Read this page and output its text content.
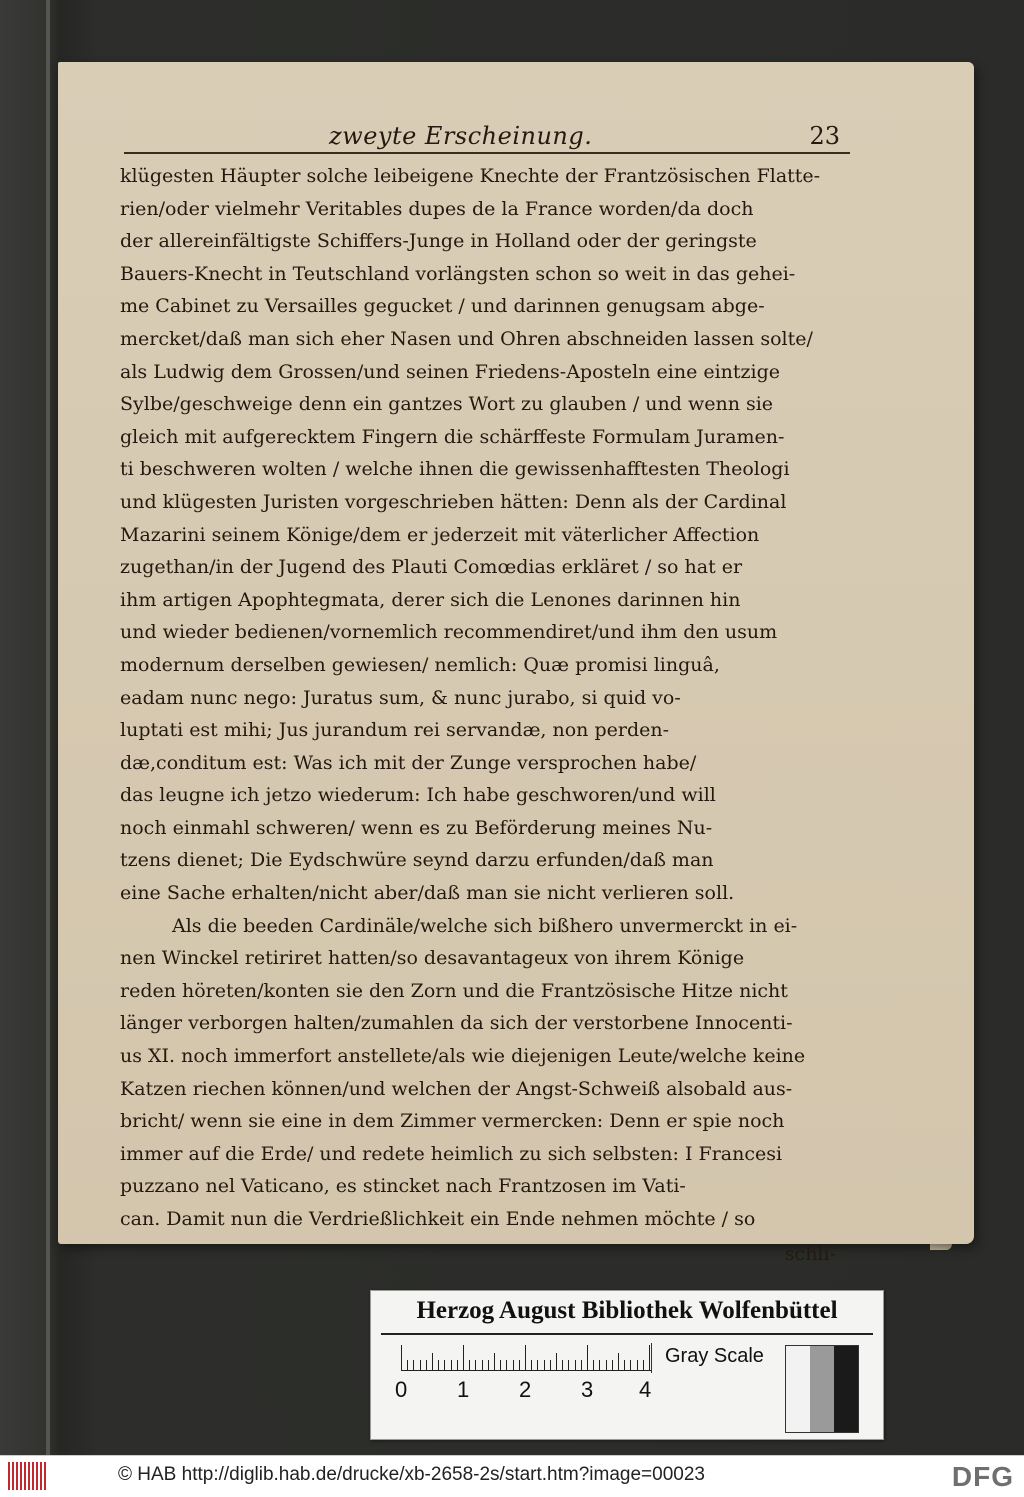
zweyte Erscheinung.	23
klügesten Häupter solche leibeigene Knechte der Frantzösischen Flatte-
rien/oder vielmehr Veritables dupes de la France worden/da doch
der allereinfältigste Schiffers-Junge in Holland oder der geringste
Bauers-Knecht in Teutschland vorlängsten schon so weit in das gehei-
me Cabinet zu Versailles gegucket / und darinnen genugsam abge-
mercket/daß man sich eher Nasen und Ohren abschneiden lassen solte/
als Ludwig dem Grossen/und seinen Friedens-Aposteln eine eintzige
Sylbe/geschweige denn ein gantzes Wort zu glauben / und wenn sie
gleich mit aufgerecktem Fingern die schärffeste Formulam Juramen-
ti beschweren wolten / welche ihnen die gewissenhafftesten Theologi
und klügesten Juristen vorgeschrieben hätten: Denn als der Cardinal
Mazarini seinem Könige/dem er jederzeit mit väterlicher Affection
zugethan/in der Jugend des Plauti Comœdias erkläret / so hat er
ihm artigen Apophtegmata, derer sich die Lenones darinnen hin
und wieder bedienen/vornemlich recommendiret/und ihm den usum
modernum derselben gewiesen/ nemlich: Quæ promisi linguâ,
eadam nunc nego: Juratus sum, & nunc jurabo, si quid vo-
luptati est mihi; Jus jurandum rei servandæ, non perden-
dæ,conditum est: Was ich mit der Zunge versprochen habe/
das leugne ich jetzo wiederum: Ich habe geschworen/und will
noch einmahl schweren/ wenn es zu Beförderung meines Nu-
tzens dienet; Die Eydschwüre seynd darzu erfunden/daß man
eine Sache erhalten/nicht aber/daß man sie nicht verlieren soll.
Als die beeden Cardinäle/welche sich bißhero unvermerckt in ei-
nen Winckel retiriret hatten/so desavantageux von ihrem Könige
reden höreten/konten sie den Zorn und die Frantzösische Hitze nicht
länger verborgen halten/zumahlen da sich der verstorbene Innocenti-
us XI. noch immerfort anstellete/als wie diejenigen Leute/welche keine
Katzen riechen können/und welchen der Angst-Schweiß alsobald aus-
bricht/ wenn sie eine in dem Zimmer vermercken: Denn er spie noch
immer auf die Erde/ und redete heimlich zu sich selbsten: I Francesi
puzzano nel Vaticano, es stincket nach Frantzosen im Vati-
can. Damit nun die Verdrießlichkeit ein Ende nehmen möchte / so
schli-
Herzog August Bibliothek Wolfenbüttel
0 1 2 3 4
Gray Scale
© HAB http://diglib.hab.de/drucke/xb-2658-2s/start.htm?image=00023	DFG
